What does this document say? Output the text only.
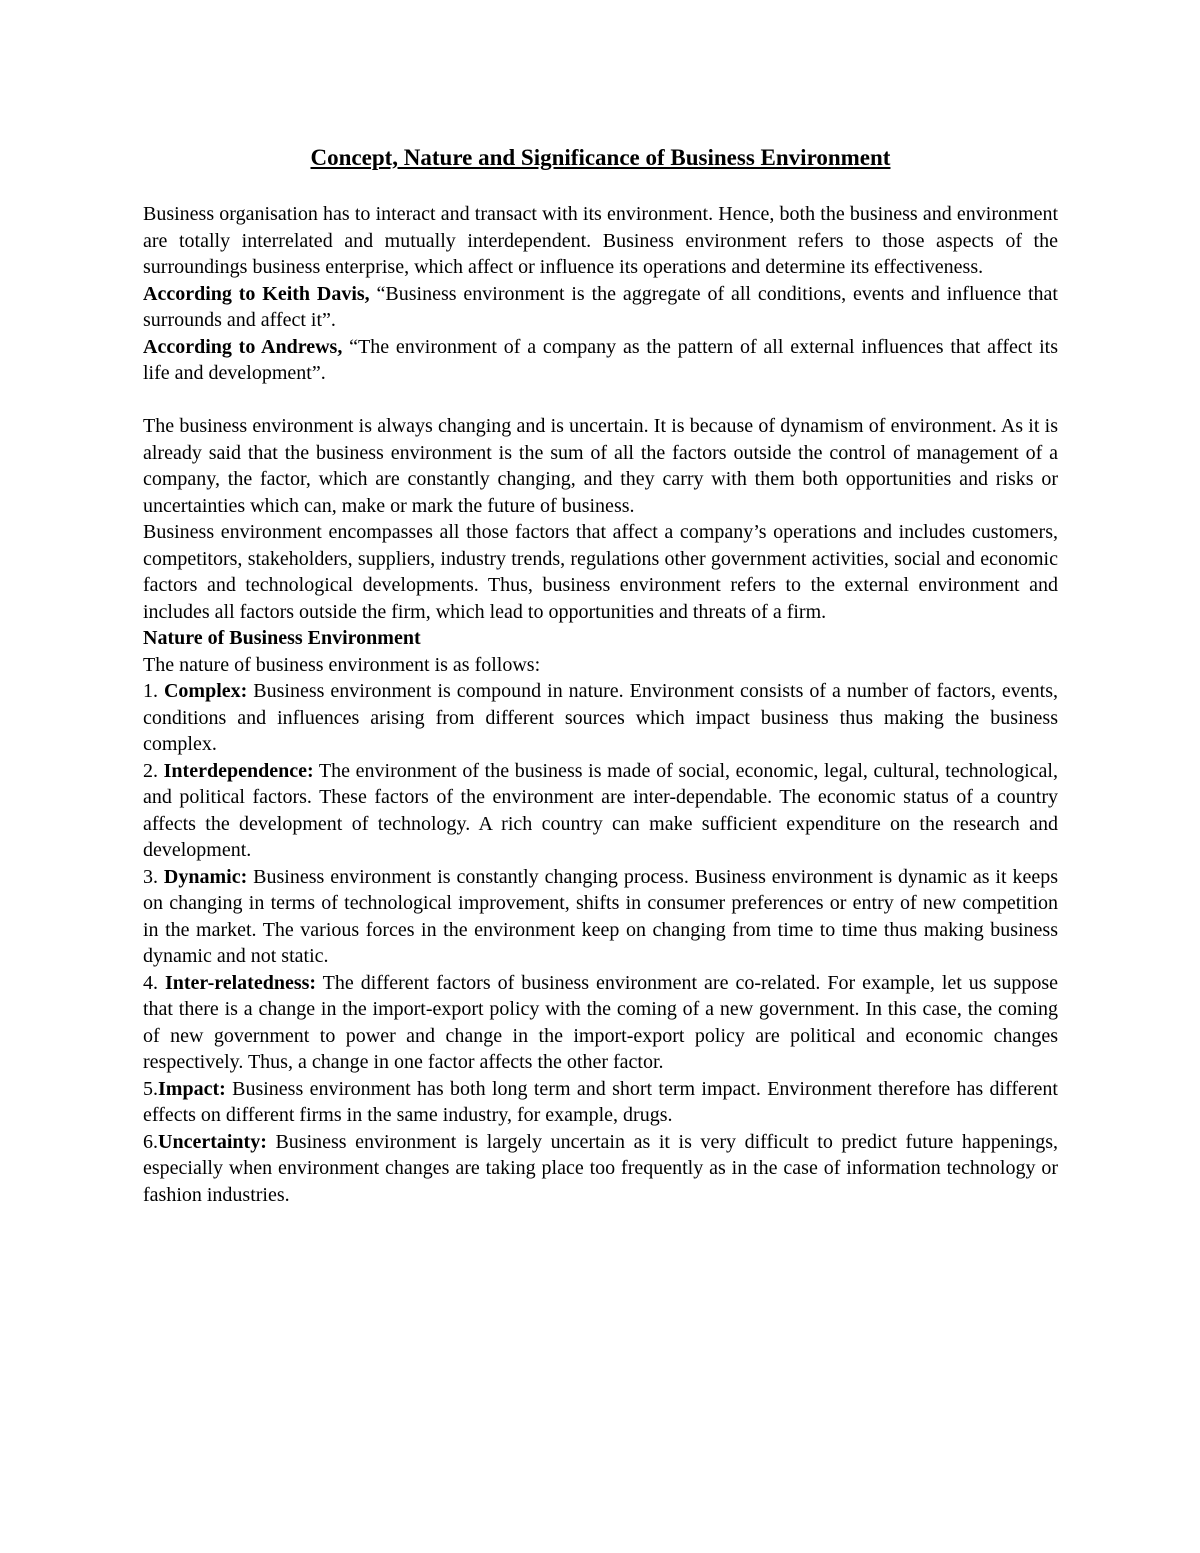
Concept, Nature and Significance of Business Environment

Business organisation has to interact and transact with its environment. Hence, both the business and environment are totally interrelated and mutually interdependent. Business environment refers to those aspects of the surroundings business enterprise, which affect or influence its operations and determine its effectiveness.

According to Keith Davis, “Business environment is the aggregate of all conditions, events and influence that surrounds and affect it”.

According to Andrews, “The environment of a company as the pattern of all external influences that affect its life and development”.

The business environment is always changing and is uncertain. It is because of dynamism of environment. As it is already said that the business environment is the sum of all the factors outside the control of management of a company, the factor, which are constantly changing, and they carry with them both opportunities and risks or uncertainties which can, make or mark the future of business.

Business environment encompasses all those factors that affect a company’s operations and includes customers, competitors, stakeholders, suppliers, industry trends, regulations other government activities, social and economic factors and technological developments. Thus, business environment refers to the external environment and includes all factors outside the firm, which lead to opportunities and threats of a firm.

Nature of Business Environment

The nature of business environment is as follows:

1. Complex: Business environment is compound in nature. Environment consists of a number of factors, events, conditions and influences arising from different sources which impact business thus making the business complex.

2. Interdependence: The environment of the business is made of social, economic, legal, cultural, technological, and political factors. These factors of the environment are inter-dependable. The economic status of a country affects the development of technology. A rich country can make sufficient expenditure on the research and development.

3. Dynamic: Business environment is constantly changing process. Business environment is dynamic as it keeps on changing in terms of technological improvement, shifts in consumer preferences or entry of new competition in the market. The various forces in the environment keep on changing from time to time thus making business dynamic and not static.

4. Inter-relatedness: The different factors of business environment are co-related. For example, let us suppose that there is a change in the import-export policy with the coming of a new government. In this case, the coming of new government to power and change in the import-export policy are political and economic changes respectively. Thus, a change in one factor affects the other factor.

5.Impact: Business environment has both long term and short term impact. Environment therefore has different effects on different firms in the same industry, for example, drugs.

6.Uncertainty: Business environment is largely uncertain as it is very difficult to predict future happenings, especially when environment changes are taking place too frequently as in the case of information technology or fashion industries.
